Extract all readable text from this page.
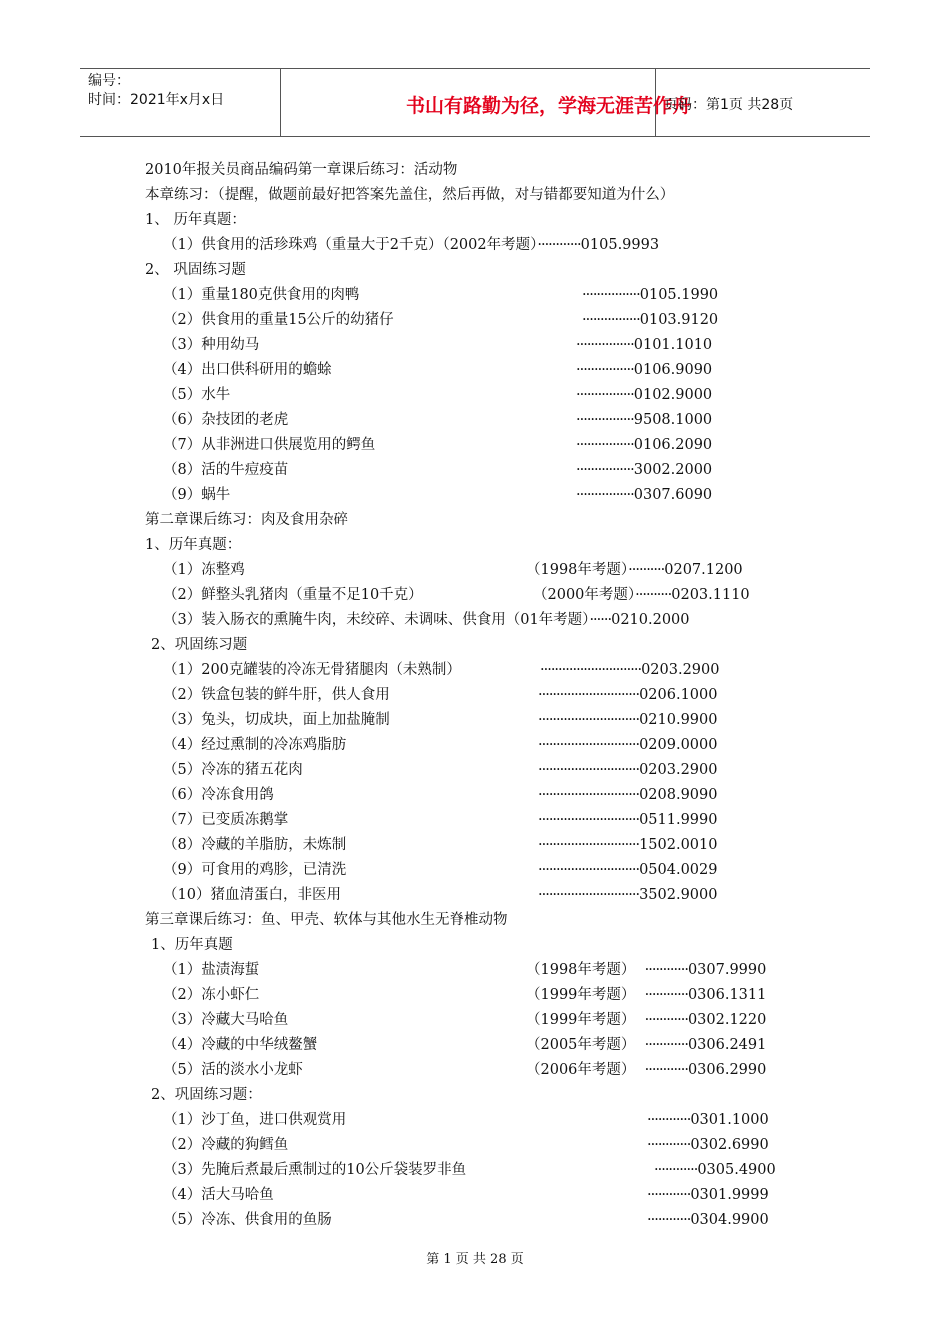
编号：
时间：2021年x月x日	书山有路勤为径，学海无涯苦作舟
页码：第1页 共28页
2010年报关员商品编码第一章课后练习：活动物
本章练习：（提醒，做题前最好把答案先盖住，然后再做，对与错都要知道为什么）
1、 历年真题：
（1）供食用的活珍珠鸡（重量大于2千克）（2002年考题）············0105.9993
2、 巩固练习题
（1）重量180克供食用的肉鸭	················0105.1990
（2）供食用的重量15公斤的幼猪仔	················0103.9120
（3）种用幼马	················0101.1010
（4）出口供科研用的蟾蜍	················0106.9090
（5）水牛	················0102.9000
（6）杂技团的老虎	················9508.1000
（7）从非洲进口供展览用的鳄鱼	················0106.2090
（8）活的牛痘疫苗	················3002.2000
（9）蜗牛	················0307.6090
第二章课后练习：肉及食用杂碎
1、历年真题：
（1）冻整鸡	（1998年考题）··········0207.1200
（2）鲜整头乳猪肉（重量不足10千克）	（2000年考题）··········0203.1110
（3）装入肠衣的熏腌牛肉，未绞碎、未调味、供食用（01年考题）······0210.2000
2、巩固练习题
（1）200克罐装的冷冻无骨猪腿肉（未熟制）	····························0203.2900
（2）铁盒包装的鲜牛肝，供人食用	····························0206.1000
（3）兔头，切成块，面上加盐腌制	····························0210.9900
（4）经过熏制的冷冻鸡脂肪	····························0209.0000
（5）冷冻的猪五花肉	····························0203.2900
（6）冷冻食用鸽	····························0208.9090
（7）已变质冻鹅掌	····························0511.9990
（8）冷藏的羊脂肪，未炼制	····························1502.0010
（9）可食用的鸡胗，已清洗	····························0504.0029
（10）猪血清蛋白，非医用	····························3502.9000
第三章课后练习：鱼、甲壳、软体与其他水生无脊椎动物
1、历年真题
（1）盐渍海蜇	（1998年考题） ············0307.9990
（2）冻小虾仁	（1999年考题） ············0306.1311
（3）冷藏大马哈鱼	（1999年考题） ············0302.1220
（4）冷藏的中华绒鳌蟹	（2005年考题） ············0306.2491
（5）活的淡水小龙虾	（2006年考题） ············0306.2990
2、巩固练习题：
（1）沙丁鱼，进口供观赏用	············0301.1000
（2）冷藏的狗鳕鱼	············0302.6990
（3）先腌后煮最后熏制过的10公斤袋装罗非鱼	············0305.4900
（4）活大马哈鱼	············0301.9999
（5）冷冻、供食用的鱼肠	············0304.9900
第 1 页 共 28 页
